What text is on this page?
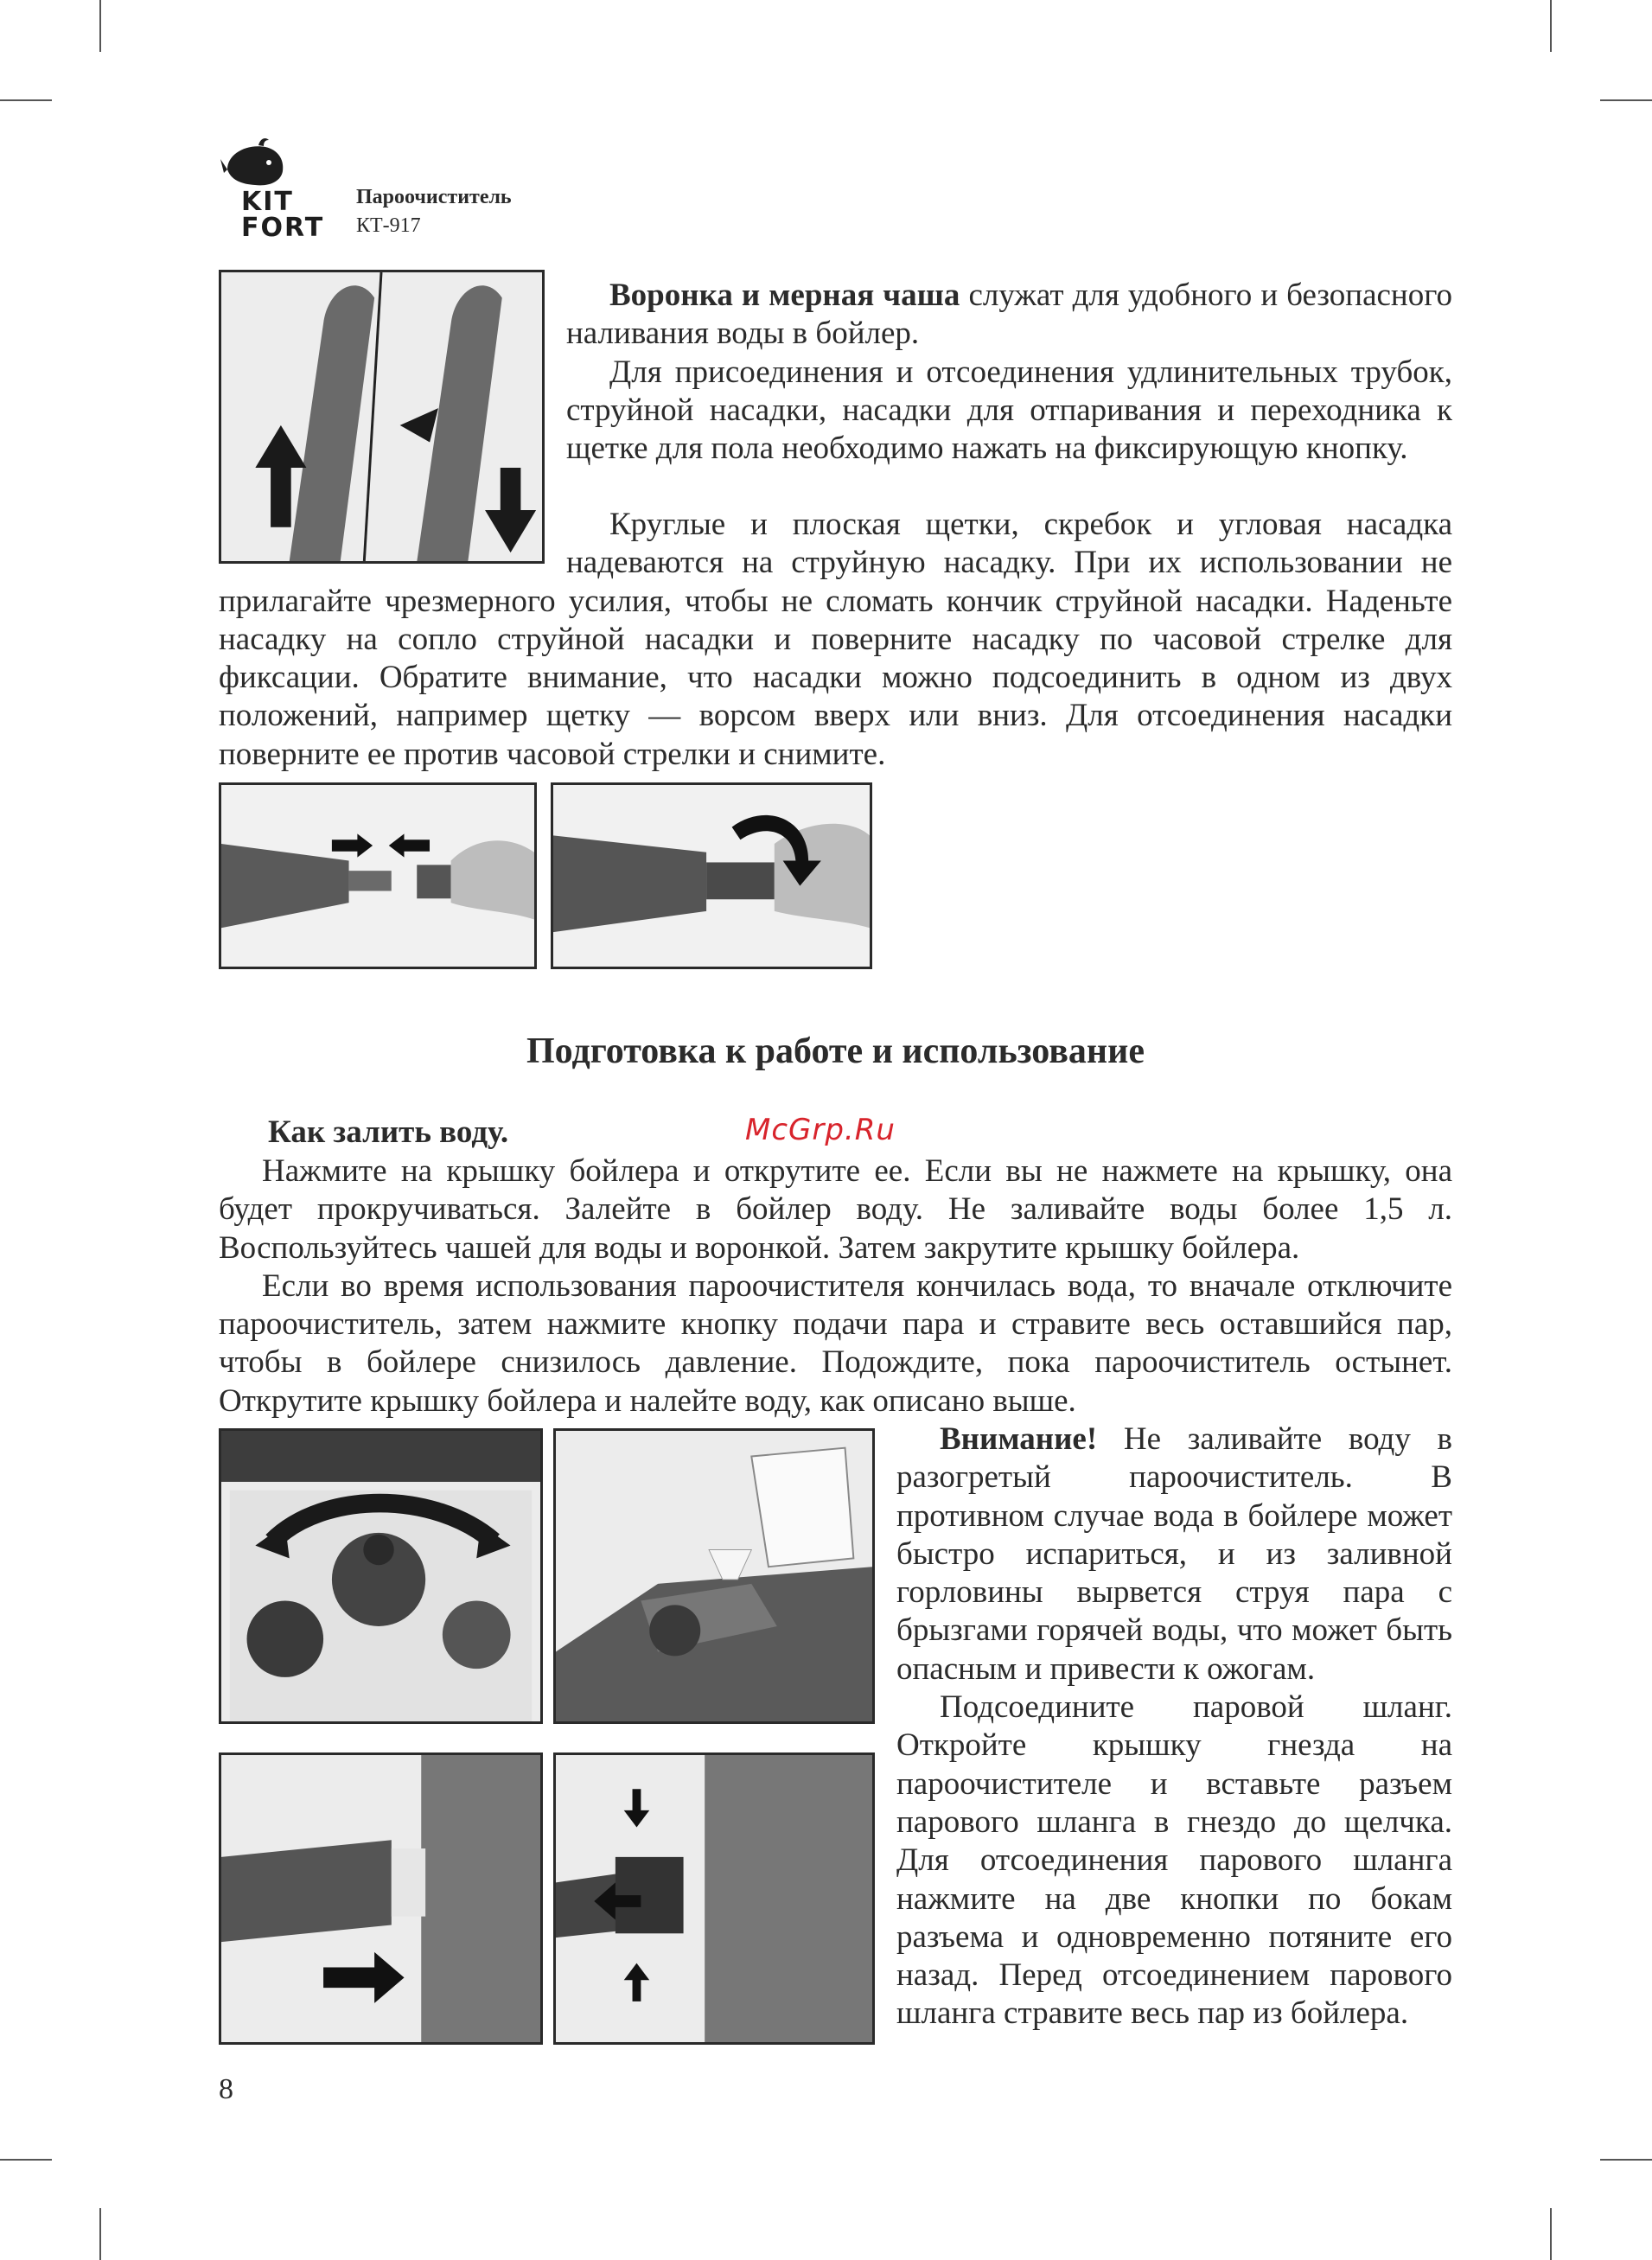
KIT
FORT
Пароочиститель
КТ-917

Воронка и мерная чаша служат для удобного и безопасного наливания воды в бойлер.

Для присоединения и отсоединения удлинительных трубок, струйной насадки, насадки для отпаривания и переходника к щетке для пола необходимо нажать на фиксирующую кнопку.

Круглые и плоская щетки, скребок и угловая насадка надеваются на струйную насадку. При их использовании не прилагайте чрезмерного усилия, чтобы не сломать кончик струйной насадки. Наденьте насадку на сопло струйной насадки и поверните насадку по часовой стрелке для фиксации. Обратите внимание, что насадки можно подсоединить в одном из двух положений, например щетку — ворсом вверх или вниз. Для отсоединения насадки поверните ее против часовой стрелки и снимите.

Подготовка к работе и использование
Как залить воду.	McGrp.Ru

Нажмите на крышку бойлера и открутите ее. Если вы не нажмете на крышку, она будет прокручиваться. Залейте в бойлер воду. Не заливайте воды более 1,5 л. Воспользуйтесь чашей для воды и воронкой. Затем закрутите крышку бойлера.

Если во время использования пароочистителя кончилась вода, то вначале отключите пароочиститель, затем нажмите кнопку подачи пара и стравите весь оставшийся пар, чтобы в бойлере снизилось давление. Подождите, пока пароочиститель остынет. Открутите крышку бойлера и налейте воду, как описано выше.

Внимание! Не заливайте воду в разогретый пароочиститель. В противном случае вода в бойлере может быстро испариться, и из заливной горловины вырвется струя пара с брызгами горячей воды, что может быть опасным и привести к ожогам.

Подсоедините паровой шланг. Откройте крышку гнезда на пароочистителе и вставьте разъем парового шланга в гнездо до щелчка. Для отсоединения парового шланга нажмите на две кнопки по бокам разъема и одновременно потяните его назад. Перед отсоединением парового шланга стравите весь пар из бойлера.

8
